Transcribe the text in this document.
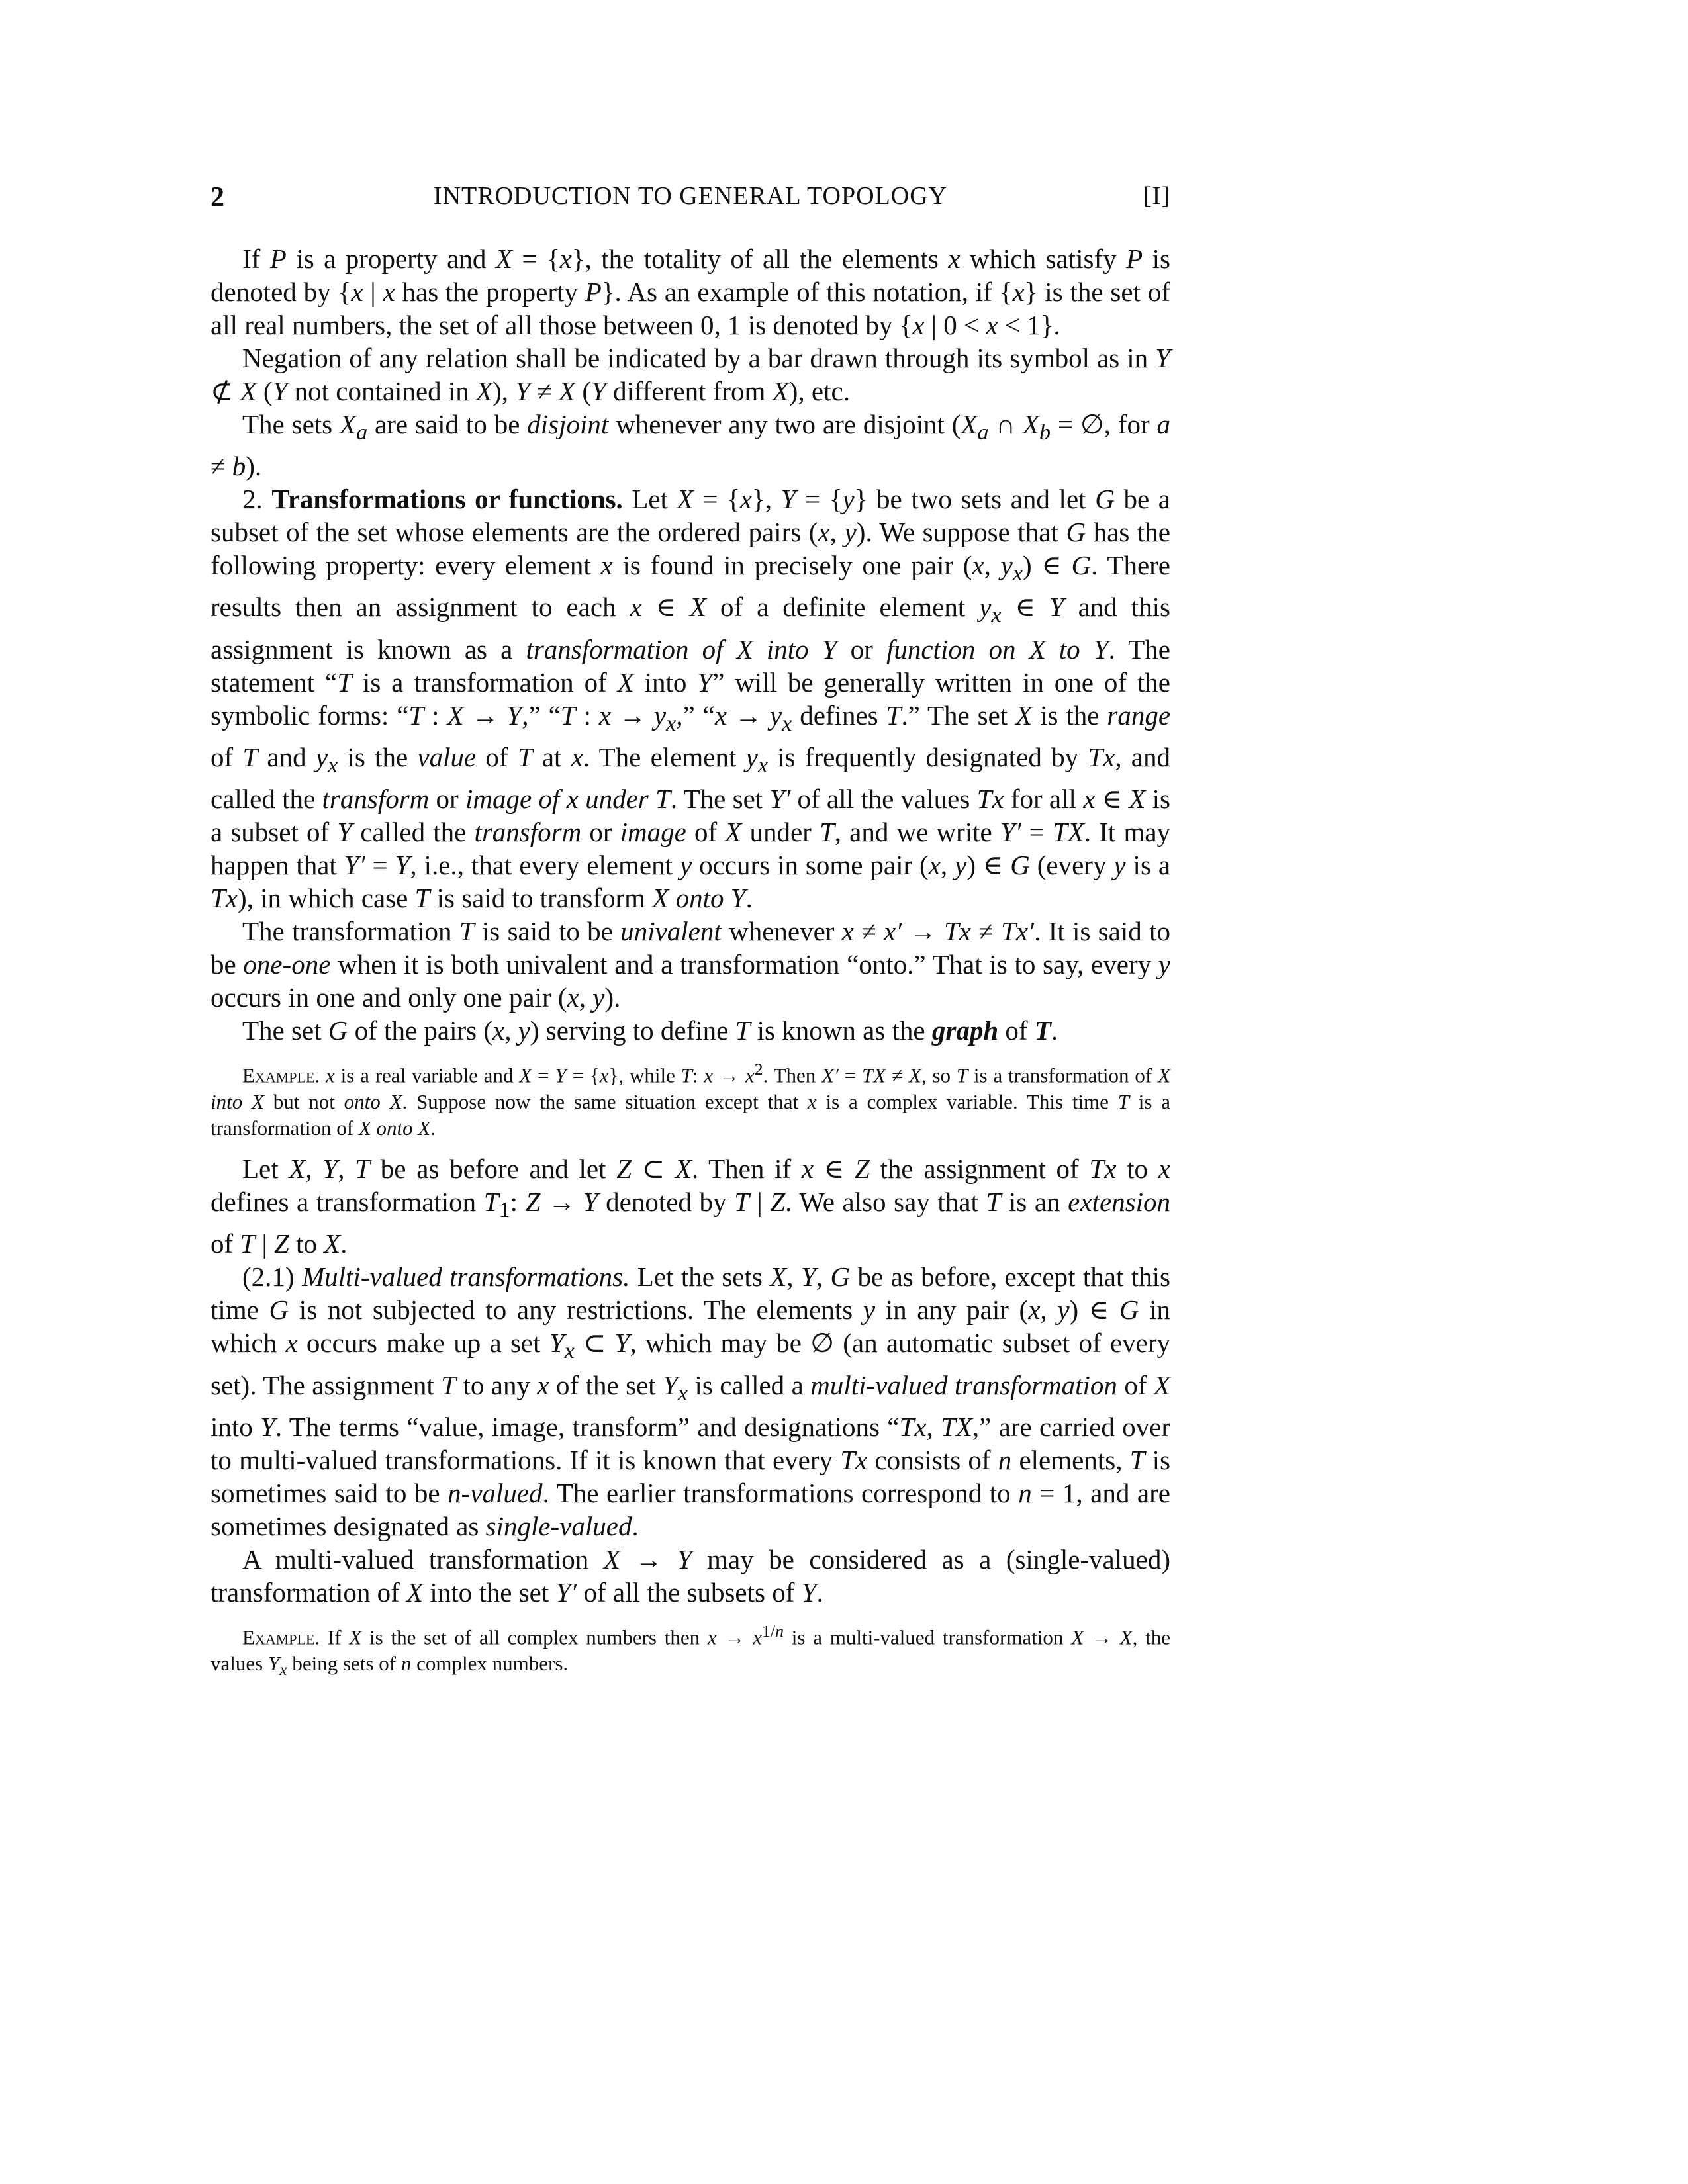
2	INTRODUCTION TO GENERAL TOPOLOGY	[I]

If P is a property and X = {x}, the totality of all the elements x which satisfy P is denoted by {x | x has the property P}. As an example of this notation, if {x} is the set of all real numbers, the set of all those between 0, 1 is denoted by {x | 0 < x < 1}.

Negation of any relation shall be indicated by a bar drawn through its symbol as in Y ⊄ X (Y not contained in X), Y ≠ X (Y different from X), etc.

The sets $X_a$ are said to be disjoint whenever any two are disjoint ($X_a$ ∩ $X_b$ = ∅, for a ≠ b).

2. Transformations or functions. Let X = {x}, Y = {y} be two sets and let G be a subset of the set whose elements are the ordered pairs (x, y). We suppose that G has the following property: every element x is found in precisely one pair (x, $y_x$) ∈ G. There results then an assignment to each x ∈ X of a definite element $y_x$ ∈ Y and this assignment is known as a transformation of X into Y or function on X to Y. The statement “T is a transformation of X into Y” will be generally written in one of the symbolic forms: “T : X → Y,” “T : $x \to y_x$,” “$x \to y_x$ defines T.” The set X is the range of T and $y_x$ is the value of T at x. The element $y_x$ is frequently designated by Tx, and called the transform or image of x under T. The set Y′ of all the values Tx for all x ∈ X is a subset of Y called the transform or image of X under T, and we write Y′ = TX. It may happen that Y′ = Y, i.e., that every element y occurs in some pair (x, y) ∈ G (every y is a Tx), in which case T is said to transform X onto Y.

The transformation T is said to be univalent whenever x ≠ x′ → Tx ≠ Tx′. It is said to be one-one when it is both univalent and a transformation “onto.” That is to say, every y occurs in one and only one pair (x, y).

The set G of the pairs (x, y) serving to define T is known as the graph of T.

Example. x is a real variable and X = Y = {x}, while T: $x \to x^2$. Then X′ = TX ≠ X, so T is a transformation of X into X but not onto X. Suppose now the same situation except that x is a complex variable. This time T is a transformation of X onto X.

Let X, Y, T be as before and let Z ⊂ X. Then if x ∈ Z the assignment of Tx to x defines a transformation $T_1$: Z → Y denoted by T | Z. We also say that T is an extension of T | Z to X.

(2.1) Multi-valued transformations. Let the sets X, Y, G be as before, except that this time G is not subjected to any restrictions. The elements y in any pair (x, y) ∈ G in which x occurs make up a set $Y_x$ ⊂ Y, which may be ∅ (an automatic subset of every set). The assignment T to any x of the set $Y_x$ is called a multi-valued transformation of X into Y. The terms “value, image, transform” and designations “Tx, TX,” are carried over to multi-valued transformations. If it is known that every Tx consists of n elements, T is sometimes said to be n-valued. The earlier transformations correspond to n = 1, and are sometimes designated as single-valued.

A multi-valued transformation X → Y may be considered as a (single-valued) transformation of X into the set Y′ of all the subsets of Y.

Example. If X is the set of all complex numbers then $x \to x^{1/n}$ is a multi-valued transformation X → X, the values $Y_x$ being sets of n complex numbers.
